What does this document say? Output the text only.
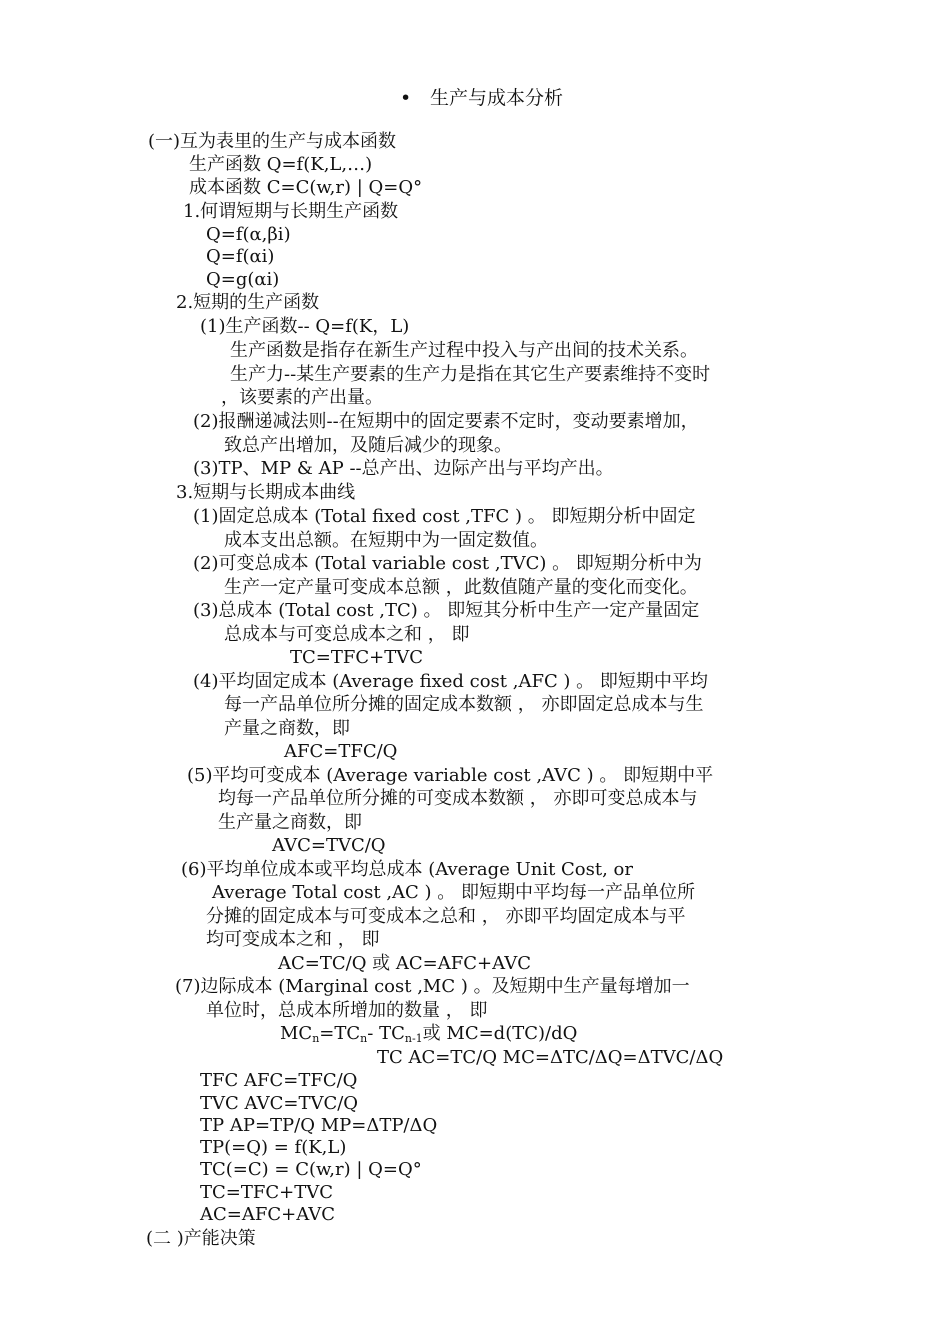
• 生产与成本分析
(一)互为表里的生产与成本函数
生产函数 Q=f(K,L,…)
成本函数 C=C(w,r) | Q=Q°
1.何谓短期与长期生产函数
Q=f(α,βi)
Q=f(αi)
Q=g(αi)
2.短期的生产函数
(1)生产函数-- Q=f(K，L)
生产函数是指存在新生产过程中投入与产出间的技术关系。
生产力--某生产要素的生产力是指在其它生产要素维持不变时
，该要素的产出量。
(2)报酬递减法则--在短期中的固定要素不定时，变动要素增加，
致总产出增加，及随后减少的现象。
(3)TP、MP & AP --总产出、边际产出与平均产出。
3.短期与长期成本曲线
(1)固定总成本 (Total fixed cost ,TFC ) 。 即短期分析中固定
成本支出总额。在短期中为一固定数值。
(2)可变总成本 (Total variable cost ,TVC) 。 即短期分析中为
生产一定产量可变成本总额 ，此数值随产量的变化而变化。
(3)总成本 (Total cost ,TC) 。 即短其分析中生产一定产量固定
总成本与可变总成本之和 ， 即
TC=TFC+TVC
(4)平均固定成本 (Average fixed cost ,AFC ) 。 即短期中平均
每一产品单位所分摊的固定成本数额 ， 亦即固定总成本与生
产量之商数，即
AFC=TFC/Q
(5)平均可变成本 (Average variable cost ,AVC ) 。 即短期中平
均每一产品单位所分摊的可变成本数额 ， 亦即可变总成本与
生产量之商数，即
AVC=TVC/Q
(6)平均单位成本或平均总成本 (Average Unit Cost, or
Average Total cost ,AC ) 。 即短期中平均每一产品单位所
分摊的固定成本与可变成本之总和 ， 亦即平均固定成本与平
均可变成本之和 ， 即
AC=TC/Q 或 AC=AFC+AVC
(7)边际成本 (Marginal cost ,MC ) 。及短期中生产量每增加一
单位时，总成本所增加的数量 ， 即
$MC_n=TC_n-$ $TC_{n-1}$或 MC=d(TC)/dQ
TC AC=TC/Q MC=ΔTC/ΔQ=ΔTVC/ΔQ
TFC AFC=TFC/Q
TVC AVC=TVC/Q
TP AP=TP/Q MP=ΔTP/ΔQ
TP(=Q) = f(K,L)
TC(=C) = C(w,r) | Q=Q°
TC=TFC+TVC
AC=AFC+AVC
(二 )产能决策
